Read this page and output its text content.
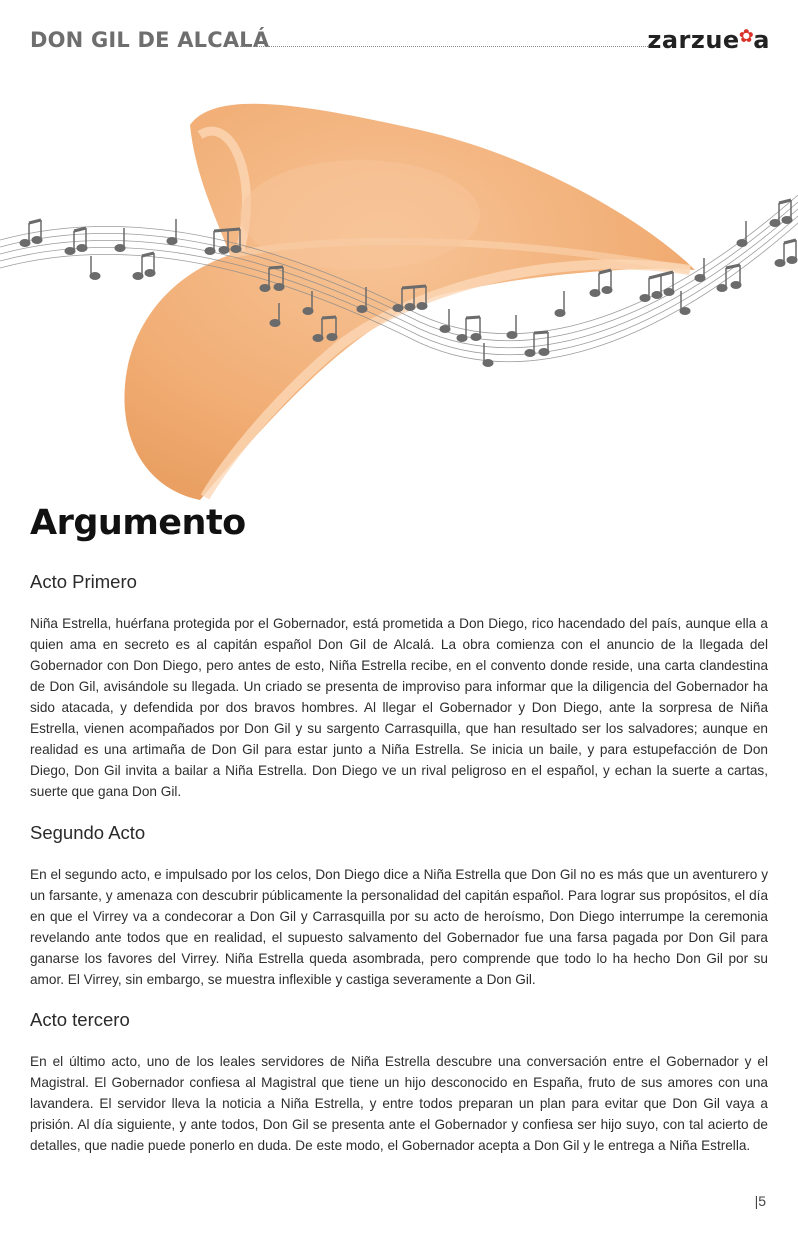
DON GIL DE ALCALÁ	zarzue✿a
Argumento
Acto Primero

Niña Estrella, huérfana protegida por el Gobernador, está prometida a Don Diego, rico hacendado del país, aunque ella a quien ama en secreto es al capitán español Don Gil de Alcalá. La obra comienza con el anuncio de la llegada del Gobernador con Don Diego, pero antes de esto, Niña Estrella recibe, en el convento donde reside, una carta clandestina de Don Gil, avisándole su llegada. Un criado se presenta de improviso para informar que la diligencia del Gobernador ha sido atacada, y defendida por dos bravos hombres. Al llegar el Gobernador y Don Diego, ante la sorpresa de Niña Estrella, vienen acompañados por Don Gil y su sargento Carrasquilla, que han resultado ser los salvadores; aunque en realidad es una artimaña de Don Gil para estar junto a Niña Estrella. Se inicia un baile, y para estupefacción de Don Diego, Don Gil invita a bailar a Niña Estrella. Don Diego ve un rival peligroso en el español, y echan la suerte a cartas, suerte que gana Don Gil.

Segundo Acto

En el segundo acto, e impulsado por los celos, Don Diego dice a Niña Estrella que Don Gil no es más que un aventurero y un farsante, y amenaza con descubrir públicamente la personalidad del capitán español. Para lograr sus propósitos, el día en que el Virrey va a condecorar a Don Gil y Carrasquilla por su acto de heroísmo, Don Diego interrumpe la ceremonia revelando ante todos que en realidad, el supuesto salvamento del Gobernador fue una farsa pagada por Don Gil para ganarse los favores del Virrey. Niña Estrella queda asombrada, pero comprende que todo lo ha hecho Don Gil por su amor. El Virrey, sin embargo, se muestra inflexible y castiga severamente a Don Gil.

Acto tercero

En el último acto, uno de los leales servidores de Niña Estrella descubre una conversación entre el Gobernador y el Magistral. El Gobernador confiesa al Magistral que tiene un hijo desconocido en España, fruto de sus amores con una lavandera. El servidor lleva la noticia a Niña Estrella, y entre todos preparan un plan para evitar que Don Gil vaya a prisión. Al día siguiente, y ante todos, Don Gil se presenta ante el Gobernador y confiesa ser hijo suyo, con tal acierto de detalles, que nadie puede ponerlo en duda. De este modo, el Gobernador acepta a Don Gil y le entrega a Niña Estrella.

|5
